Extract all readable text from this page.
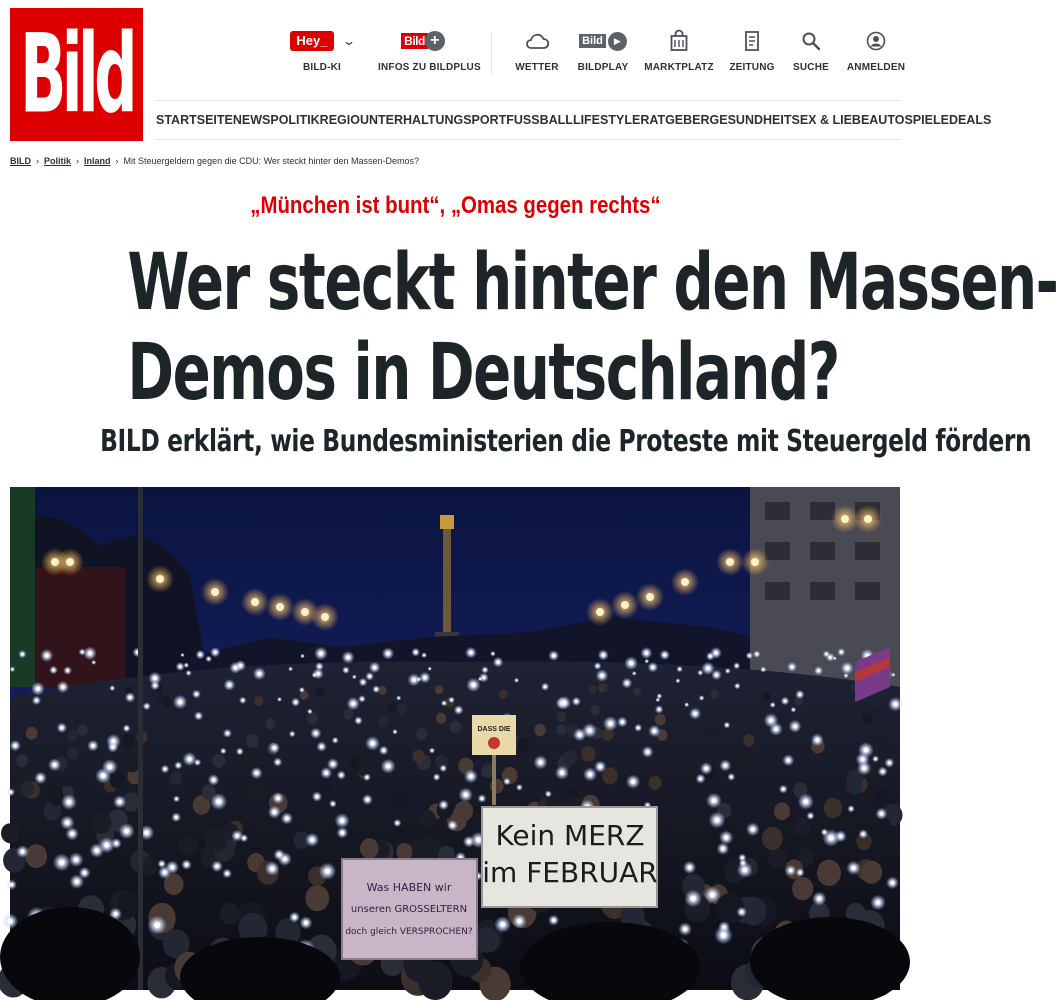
Bild	Hey_	⌄
BILD-KI
Bild +
INFOS ZU BILDPLUS	WETTER
Bild	▶
BILDPLAY	MARKTPLATZ	ZEITUNG	SUCHE	ANMELDEN
STARTSEITE NEWS POLITIK REGIO UNTERHALTUNG SPORT FUSSBALL LIFESTYLE RATGEBER GESUNDHEIT SEX & LIEBE AUTO SPIELE DEALS
BILD › Politik › Inland › Mit Steuergeldern gegen die CDU: Wer steckt hinter den Massen-Demos?
„München ist bunt“, „Omas gegen rechts“
Wer steckt hinter den Massen-
Demos in Deutschland?
BILD erklärt, wie Bundesministerien die Proteste mit Steuergeld fördern
DASS DIE
Kein MERZ
im FEBRUAR
Was HABEN wir
unseren GROSSELTERN
doch gleich VERSPROCHEN?
